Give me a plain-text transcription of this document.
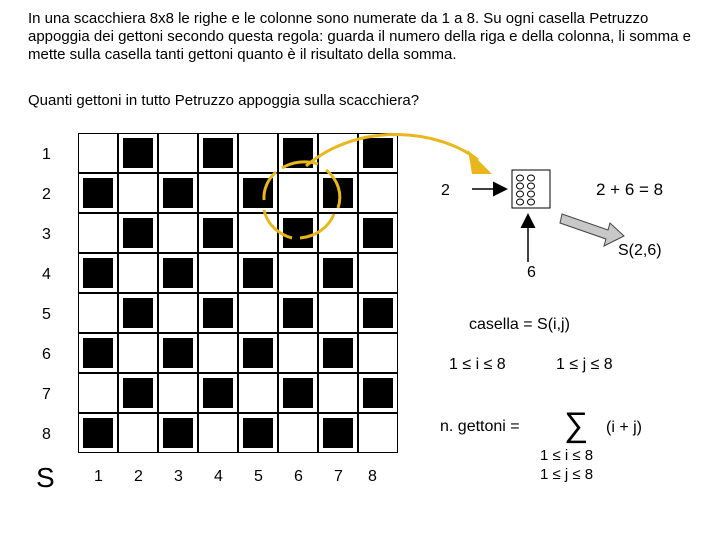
In una scacchiera 8x8 le righe e le colonne sono numerate da 1 a 8. Su ogni casella Petruzzo appoggia dei gettoni secondo questa regola: guarda il numero della riga e della colonna, li somma e mette sulla casella tanti gettoni quanto è il risultato della somma.

Quanti gettoni in tutto Petruzzo appoggia sulla scacchiera?

1
2
3
4
5
6
7
8
1 2 3 4 5 6 7 8
S
2	2 + 6 = 8
6
S(2,6)
casella = S(i,j)
1 ≤ i ≤ 8	1 ≤ j ≤ 8
n. gettoni = ∑ (i + j)
1 ≤ i ≤ 8
1 ≤ j ≤ 8
